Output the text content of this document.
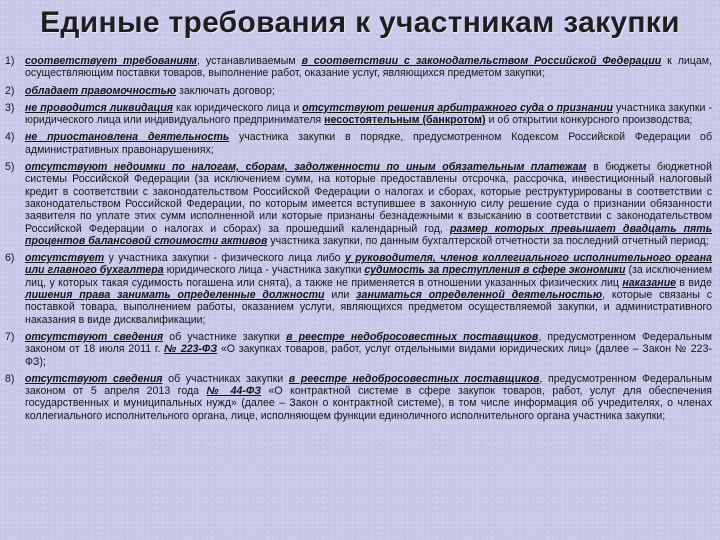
Единые требования к участникам закупки
1) соответствует требованиям, устанавливаемым в соответствии с законодательством Российской Федерации к лицам, осуществляющим поставки товаров, выполнение работ, оказание услуг, являющихся предметом закупки;
2) обладает правомочностью заключать договор;
3) не проводится ликвидация как юридического лица и отсутствуют решения арбитражного суда о признании участника закупки - юридического лица или индивидуального предпринимателя несостоятельным (банкротом) и об открытии конкурсного производства;
4) не приостановлена деятельность участника закупки в порядке, предусмотренном Кодексом Российской Федерации об административных правонарушениях;
5) отсутствуют недоимки по налогам, сборам, задолженности по иным обязательным платежам в бюджеты бюджетной системы Российской Федерации (за исключением сумм, на которые предоставлены отсрочка, рассрочка, инвестиционный налоговый кредит в соответствии с законодательством Российской Федерации о налогах и сборах, которые реструктурированы в соответствии с законодательством Российской Федерации, по которым имеется вступившее в законную силу решение суда о признании обязанности заявителя по уплате этих сумм исполненной или которые признаны безнадежными к взысканию в соответствии с законодательством Российской Федерации о налогах и сборах) за прошедший календарный год, размер которых превышает двадцать пять процентов балансовой стоимости активов участника закупки, по данным бухгалтерской отчетности за последний отчетный период;
6) отсутствует у участника закупки - физического лица либо у руководителя, членов коллегиального исполнительного органа или главного бухгалтера юридического лица - участника закупки судимость за преступления в сфере экономики (за исключением лиц, у которых такая судимость погашена или снята), а также не применяется в отношении указанных физических лиц наказание в виде лишения права занимать определенные должности или заниматься определенной деятельностью, которые связаны с поставкой товара, выполнением работы, оказанием услуги, являющихся предметом осуществляемой закупки, и административного наказания в виде дисквалификации;
7) отсутствуют сведения об участнике закупки в реестре недобросовестных поставщиков, предусмотренном Федеральным законом от 18 июля 2011 г. № 223-ФЗ «О закупках товаров, работ, услуг отдельными видами юридических лиц» (далее – Закон № 223-ФЗ);
8) отсутствуют сведения об участниках закупки в реестре недобросовестных поставщиков, предусмотренном Федеральным законом от 5 апреля 2013 года № 44-ФЗ «О контрактной системе в сфере закупок товаров, работ, услуг для обеспечения государственных и муниципальных нужд» (далее – Закон о контрактной системе), в том числе информация об учредителях, о членах коллегиального исполнительного органа, лице, исполняющем функции единоличного исполнительного органа участника закупки;
